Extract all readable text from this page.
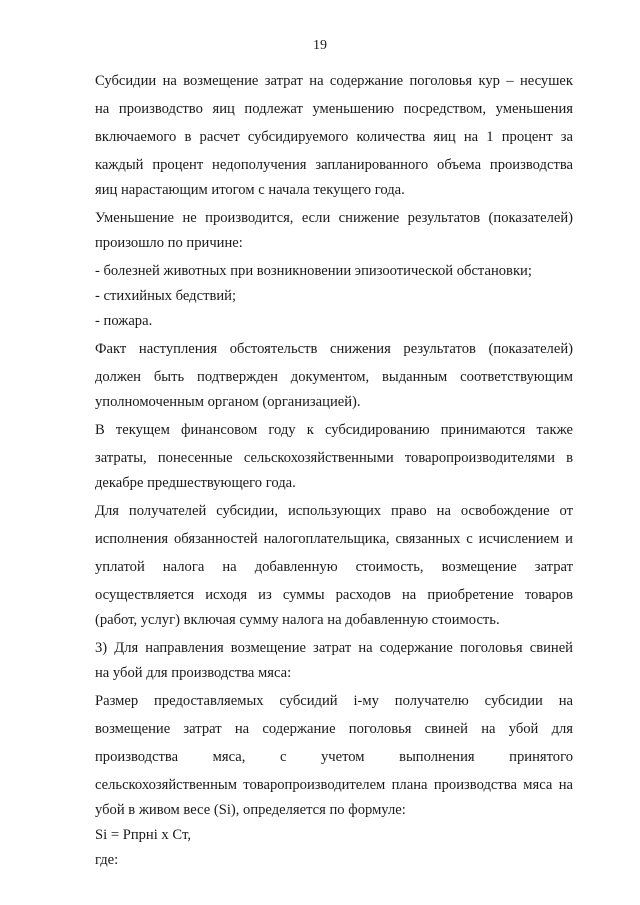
19
Субсидии на возмещение затрат на содержание поголовья кур – несушек
на производство яиц подлежат уменьшению посредством, уменьшения
включаемого в расчет субсидируемого количества яиц на 1 процент за
каждый процент недополучения запланированного объема производства
яиц нарастающим итогом с начала текущего года.
Уменьшение не производится, если снижение результатов (показателей)
произошло по причине:
- болезней животных при возникновении эпизоотической обстановки;
- стихийных бедствий;
- пожара.
Факт наступления обстоятельств снижения результатов (показателей)
должен быть подтвержден документом, выданным соответствующим
уполномоченным органом (организацией).
В текущем финансовом году к субсидированию принимаются также
затраты, понесенные сельскохозяйственными товаропроизводителями в
декабре предшествующего года.
Для получателей субсидии, использующих право на освобождение от
исполнения обязанностей налогоплательщика, связанных с исчислением и
уплатой налога на добавленную стоимость, возмещение затрат
осуществляется исходя из суммы расходов на приобретение товаров
(работ, услуг) включая сумму налога на добавленную стоимость.
3) Для направления возмещение затрат на содержание поголовья свиней
на убой для производства мяса:
Размер предоставляемых субсидий i-му получателю субсидии на
возмещение затрат на содержание поголовья свиней на убой для
производства мяса, с учетом выполнения принятого
сельскохозяйственным товаропроизводителем плана производства мяса на
убой в живом весе (Si), определяется по формуле:
Si = Pпpнi x Cт,
где:
